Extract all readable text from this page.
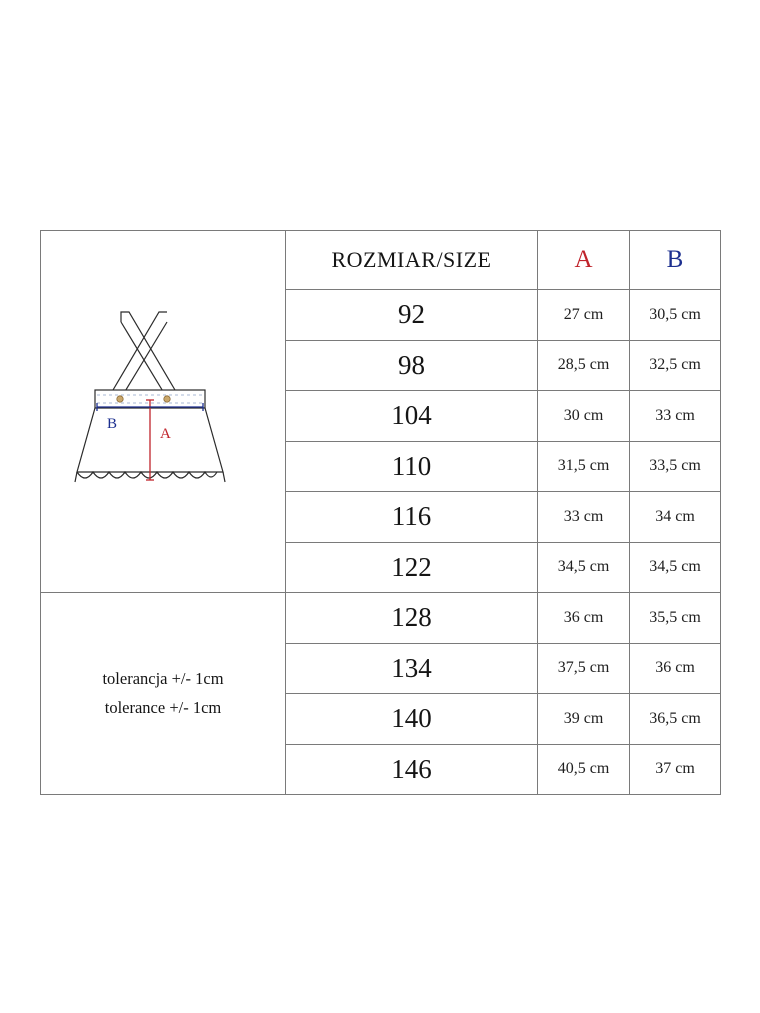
A
B	ROZMIAR/SIZE	A	B
	92	27 cm	30,5 cm
	98	28,5 cm	32,5 cm
	104	30 cm	33 cm
	110	31,5 cm	33,5 cm
	116	33 cm	34 cm
	122	34,5 cm	34,5 cm

tolerancja +/- 1cm
tolerance +/- 1cm	128	36 cm	35,5 cm
	134	37,5 cm	36 cm
	140	39 cm	36,5 cm
	146	40,5 cm	37 cm
